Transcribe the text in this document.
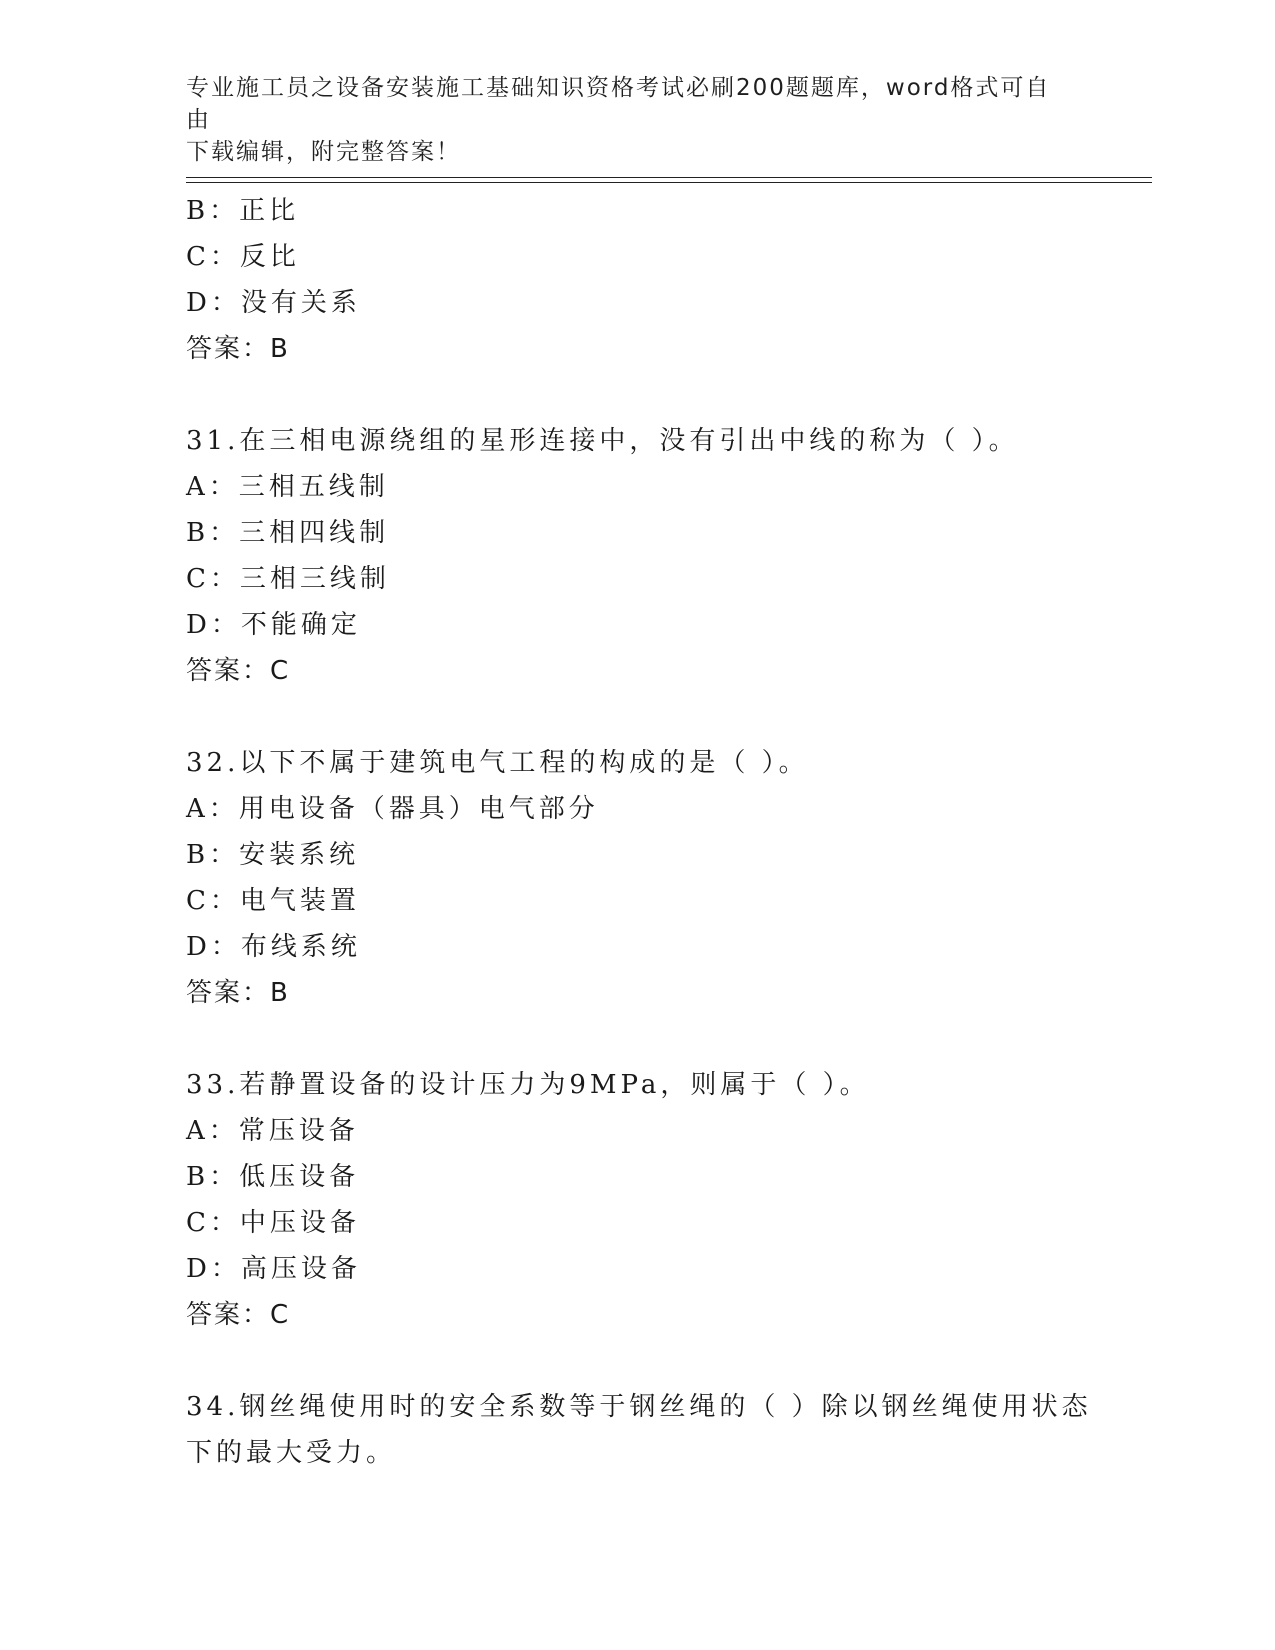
专业施工员之设备安装施工基础知识资格考试必刷200题题库，word格式可自由
下载编辑，附完整答案！
B：正比
C：反比
D：没有关系
答案：B
31.在三相电源绕组的星形连接中，没有引出中线的称为（ ）。
A：三相五线制
B：三相四线制
C：三相三线制
D：不能确定
答案：C
32.以下不属于建筑电气工程的构成的是（ ）。
A：用电设备（器具）电气部分
B：安装系统
C：电气装置
D：布线系统
答案：B
33.若静置设备的设计压力为9MPa，则属于（ ）。
A：常压设备
B：低压设备
C：中压设备
D：高压设备
答案：C
34.钢丝绳使用时的安全系数等于钢丝绳的（ ）除以钢丝绳使用状态
下的最大受力。
